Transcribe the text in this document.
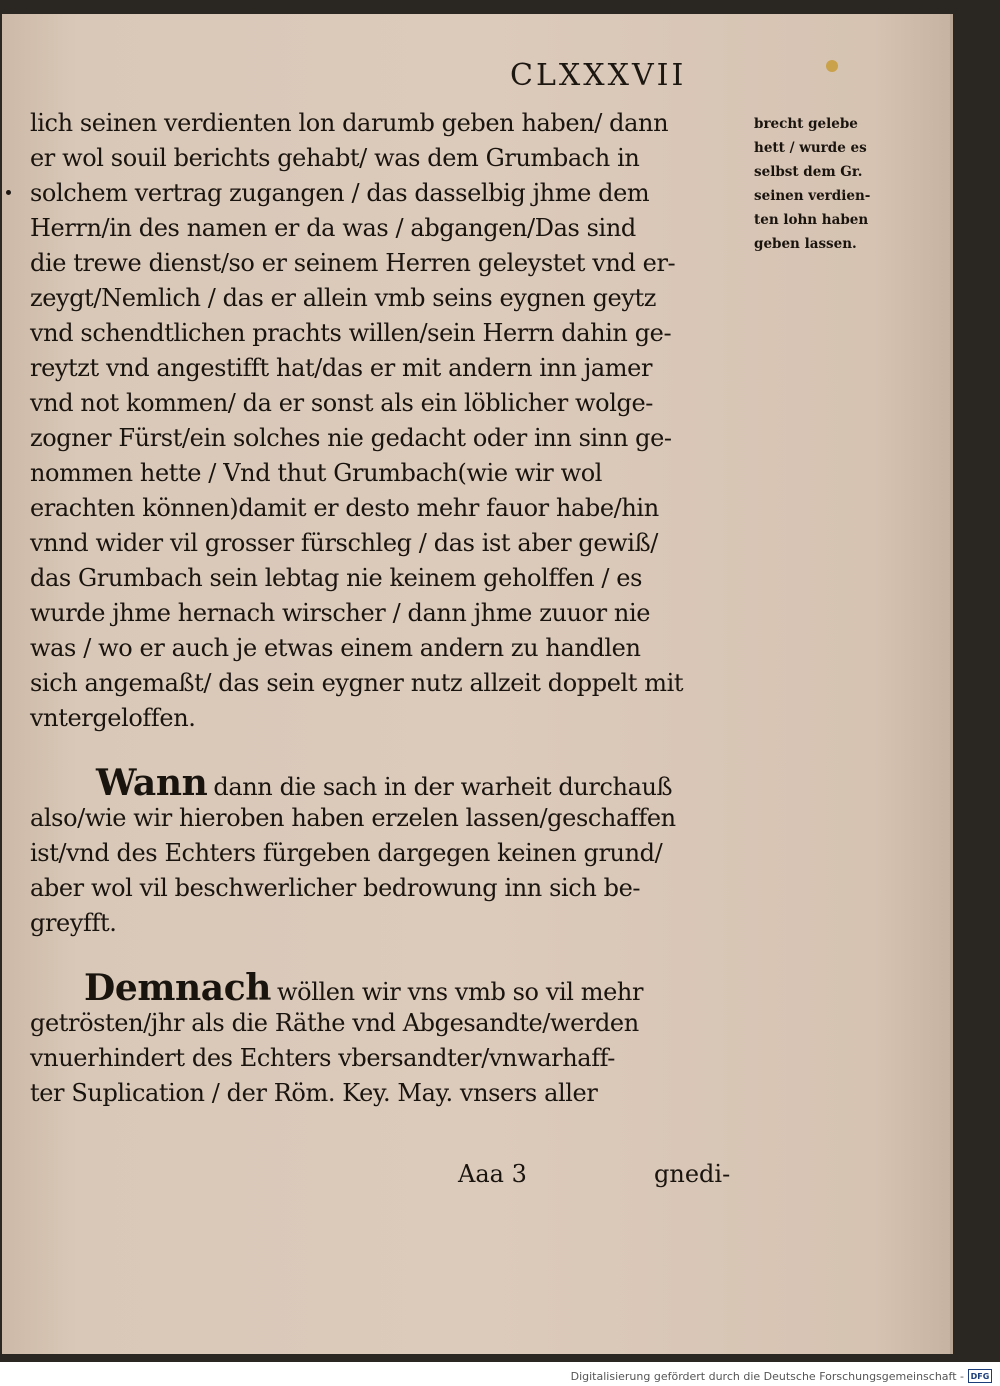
CLXXXVII
lich seinen verdienten lon darumb geben haben/ dann
er wol souil berichts gehabt/ was dem Grumbach in
solchem vertrag zugangen / das dasselbig jhme dem
Herrn/in des namen er da was / abgangen/Das sind
die trewe dienst/so er seinem Herren geleystet vnd er-
zeygt/Nemlich / das er allein vmb seins eygnen geytz
vnd schendtlichen prachts willen/sein Herrn dahin ge-
reytzt vnd angestifft hat/das er mit andern inn jamer
vnd not kommen/ da er sonst als ein löblicher wolge-
zogner Fürst/ein solches nie gedacht oder inn sinn ge-
nommen hette / Vnd thut Grumbach(wie wir wol
erachten können)damit er desto mehr fauor habe/hin
vnnd wider vil grosser fürschleg / das ist aber gewiß/
das Grumbach sein lebtag nie keinem geholffen / es
wurde jhme hernach wirscher / dann jhme zuuor nie
was / wo er auch je etwas einem andern zu handlen
sich angemaßt/ das sein eygner nutz allzeit doppelt mit
vntergeloffen.
Wann dann die sach in der warheit durchauß
also/wie wir hieroben haben erzelen lassen/geschaffen
ist/vnd des Echters fürgeben dargegen keinen grund/
aber wol vil beschwerlicher bedrowung inn sich be-
greyfft.
Demnach wöllen wir vns vmb so vil mehr
getrösten/jhr als die Räthe vnd Abgesandte/werden
vnuerhindert des Echters vbersandter/vnwarhaff-
ter Suplication / der Röm. Key. May. vnsers aller
brecht gelebe
hett / wurde es
selbst dem Gr.
seinen verdien-
ten lohn haben
geben lassen.
Aaa 3	gnedi-
Digitalisierung gefördert durch die Deutsche Forschungsgemeinschaft - DFG
